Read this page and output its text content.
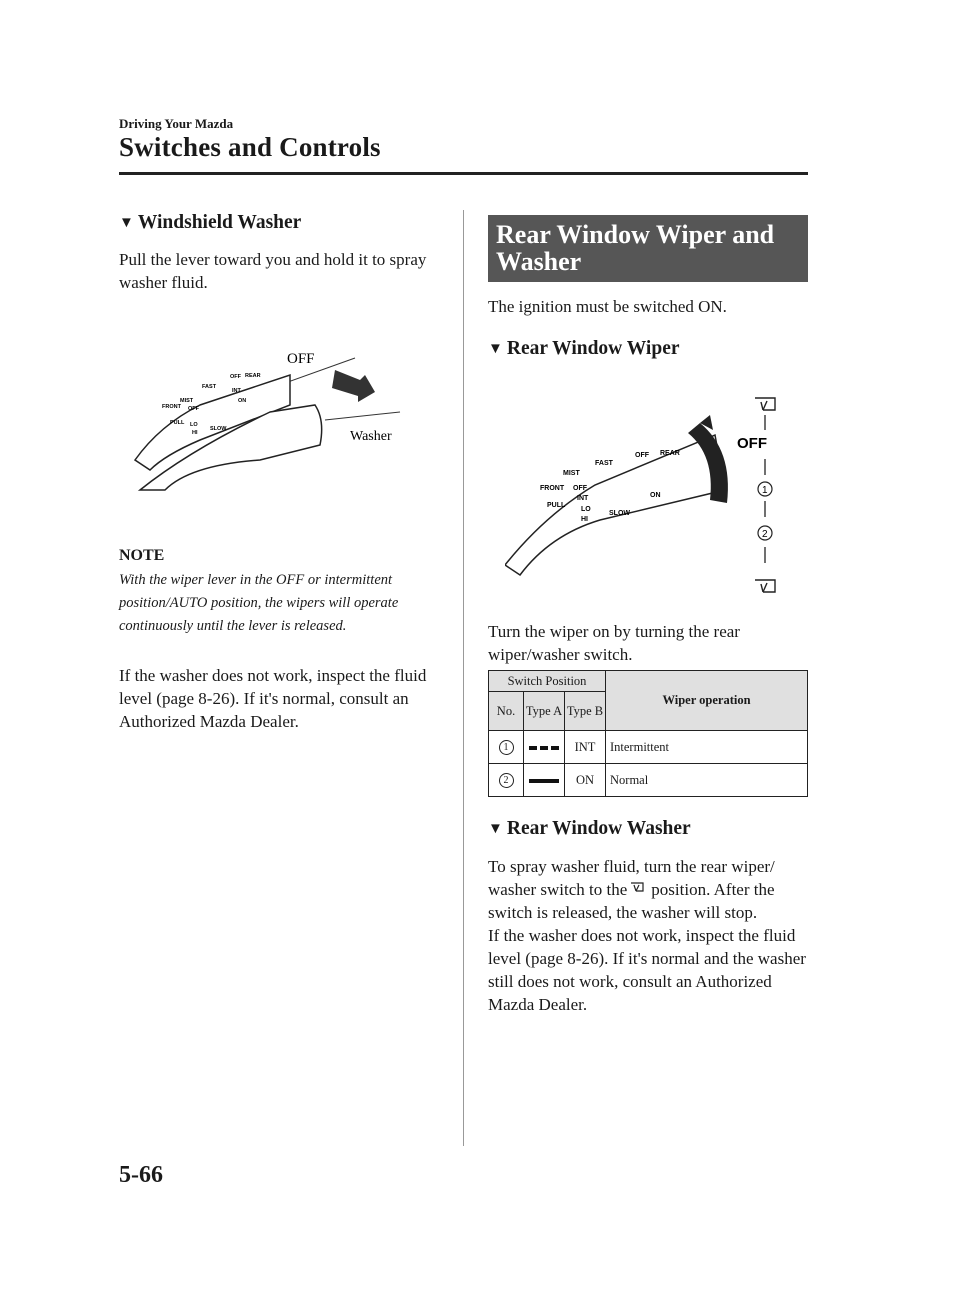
Driving Your Mazda
Switches and Controls
▼ Windshield Washer
Pull the lever toward you and hold it to spray washer fluid.
OFF
Washer
MIST
FAST
OFF REAR
INT
ON
FRONT
PULL
OFF
LO
HI
SLOW
NOTE
With the wiper lever in the OFF or intermittent position/AUTO position, the wipers will operate continuously until the lever is released.
If the washer does not work, inspect the fluid level (page 8-26). If it's normal, consult an Authorized Mazda Dealer.
Rear Window Wiper and Washer
The ignition must be switched ON.
▼ Rear Window Wiper
OFF
1
2
MIST
FAST
OFF REAR
FRONT
PULL
OFF
INT	ON
LO
HI
SLOW
Turn the wiper on by turning the rear wiper/washer switch.
Switch Position			Wiper operation
No.	Type A	Type B	
1		INT	Intermittent
2		ON	Normal
▼ Rear Window Washer
To spray washer fluid, turn the rear wiper/ washer switch to the position. After the switch is released, the washer will stop.
If the washer does not work, inspect the fluid level (page 8-26). If it's normal and the washer still does not work, consult an Authorized Mazda Dealer.
5-66
